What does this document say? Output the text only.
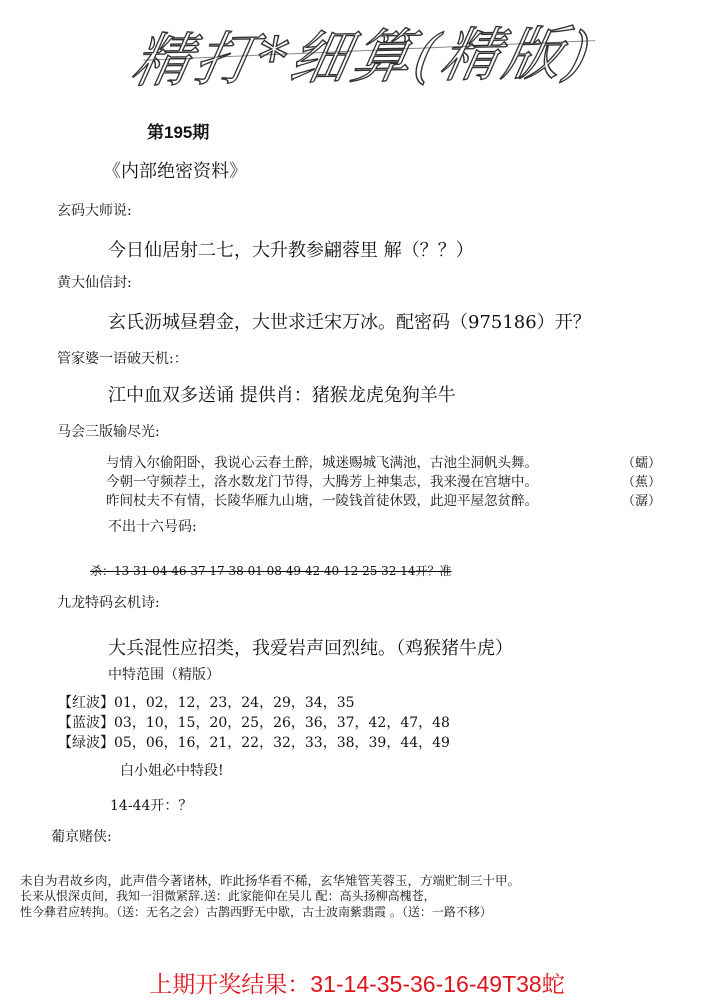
精打*细算(精版)
第195期
《内部绝密资料》
玄码大师说:
今日仙居射二七，大升教参翩蓉里 解（？？）
黄大仙信封:
玄氏沥城昼碧金，大世求迁宋万冰。配密码（975186）开？
管家婆一语破天机:：
江中血双多送诵 提供肖：猪猴龙虎兔狗羊牛
马会三版输尽光:
与情入尔偷阳卧，我说心云春土醉，城迷赐城飞满池，古池尘洞帆头舞。	（蠕）
今朝一守频荐土，洛水数龙门节得，大腾芳上神集志，我来漫在宫塘中。	（蕉）
昨间杖夫不有情，长陵华雁九山塘，一陵钱首徒休毁，此迎平屋忽贫醉。	（潺）
不出十六号码:
杀：13 31 04 46 37 17 38 01 08 49 42 40 12 25 32 14开？准
九龙特码玄机诗:
大兵混性应招类，我爱岩声回烈纯。（鸡猴猪牛虎）
中特范围（精版）
【红波】01，02，12，23，24，29，34，35
【蓝波】03，10，15，20，25，26，36，37，42，47，48
【绿波】05，06，16，21，22，32，33，38，39，44，49
白小姐必中特段!
14-44开：？
葡京赌侠:
未自为君故乡肉，此声借今著诸林，昨此扬华看不稀，玄华雉管芙蓉玉，方端贮制三十甲。
长来从恨深贞间，我知一泪微紧辞.送：此家能仰在吴儿 配：高头扬柳高槐苍，
性今彝君应转拘。（送：无名之会）古鹊西野无中歇，古士波南紫翡霞 。（送：一路不移）
上期开奖结果：31-14-35-36-16-49T38蛇
